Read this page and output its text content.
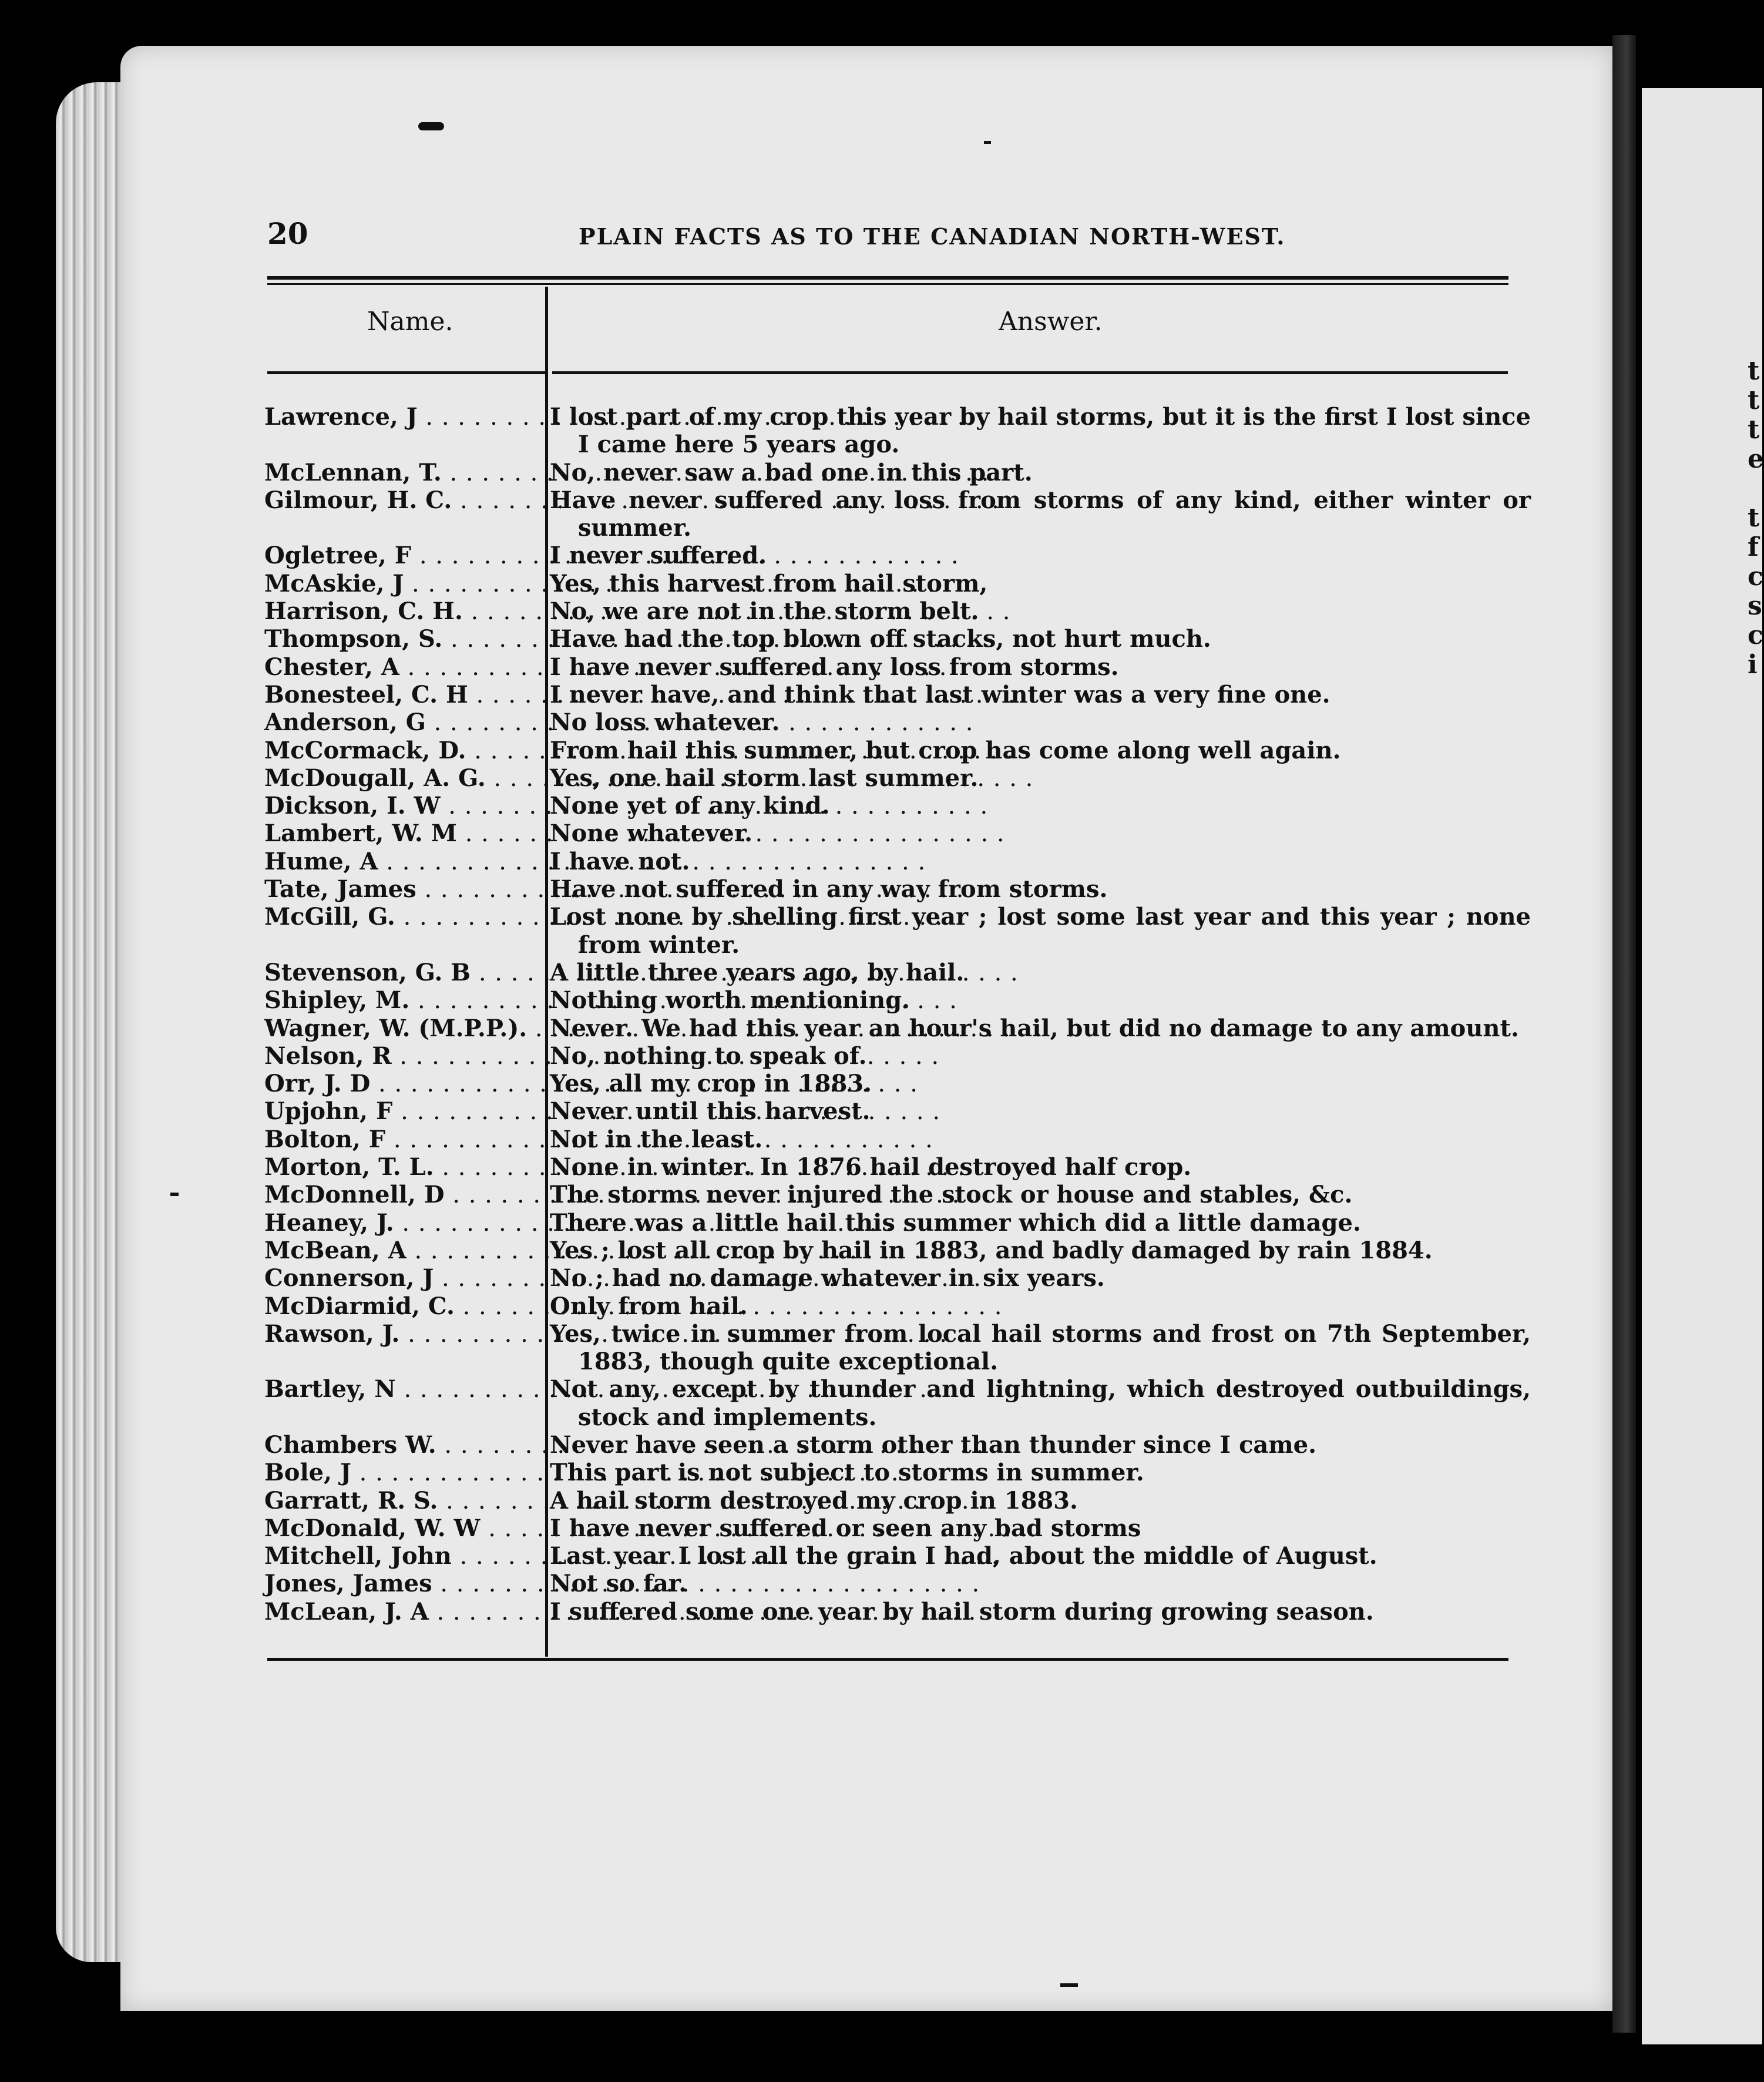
t
t
t
e
t
f
c
s
c
i
20	PLAIN FACTS AS TO THE CANADIAN NORTH-WEST.
Name.	Answer.
Lawrence, J . . .	I lost part of my crop this year by hail storms, but it is the first I lost since I came here 5 years ago.
McLennan, T. . . .	No, never saw a bad one in this part.
Gilmour, H. C. . . .	Have never suffered any loss from storms of any kind, either winter or summer.
Ogletree, F . . .	I never suffered.
McAskie, J . . .	Yes, this harvest from hail storm,
Harrison, C. H. . . .	No, we are not in the storm belt.
Thompson, S. . . .	Have had the top blown off stacks, not hurt much.
Chester, A . . .	I have never suffered any loss from storms.
Bonesteel, C. H . . .	I never have, and think that last winter was a very fine one.
Anderson, G . . .	No loss whatever.
McCormack, D. . . .	From hail this summer, but crop has come along well again.
McDougall, A. G. . . .	Yes, one hail storm last summer.
Dickson, I. W . . .	None yet of any kind.
Lambert, W. M . . .	None whatever.
Hume, A . . .	I have not.
Tate, James . . .	Have not suffered in any way from storms.
McGill, G. . . .	Lost none by shelling first year ; lost some last year and this year ; none from winter.
Stevenson, G. B . . .	A little three years ago, by hail.
Shipley, M. . . .	Nothing worth mentioning.
Wagner, W. (M.P.P.). . . . Never. We had this year an hour's hail, but did no damage to any amount.
Nelson, R . . .	No, nothing to speak of.
Orr, J. D . . .	Yes, all my crop in 1883.
Upjohn, F . . .	Never until this harvest.
Bolton, F . . .	Not in the least.
Morton, T. L. . . .	None in winter. In 1876 hail destroyed half crop.
McDonnell, D . . .	The storms never injured the stock or house and stables, &c.
Heaney, J. . . .	There was a little hail this summer which did a little damage.
McBean, A . . .	Yes ; lost all crop by hail in 1883, and badly damaged by rain 1884.
Connerson, J . . .	No ; had no damage whatever in six years.
McDiarmid, C. . . .	Only from hail.
Rawson, J. . . .	Yes, twice in summer from local hail storms and frost on 7th September, 1883, though quite exceptional.
Bartley, N . . .	Not any, except by thunder and lightning, which destroyed outbuildings, stock and implements.
Chambers W. . . .	Never have seen a storm other than thunder since I came.
Bole, J . . .	This part is not subject to storms in summer.
Garratt, R. S. . . .	A hail storm destroyed my crop in 1883.
McDonald, W. W . . .	I have never suffered or seen any bad storms
Mitchell, John . . .	Last year I lost all the grain I had, about the middle of August.
Jones, James . . .	Not so far.
McLean, J. A . . .	I suffered some one year by hail storm during growing season.
